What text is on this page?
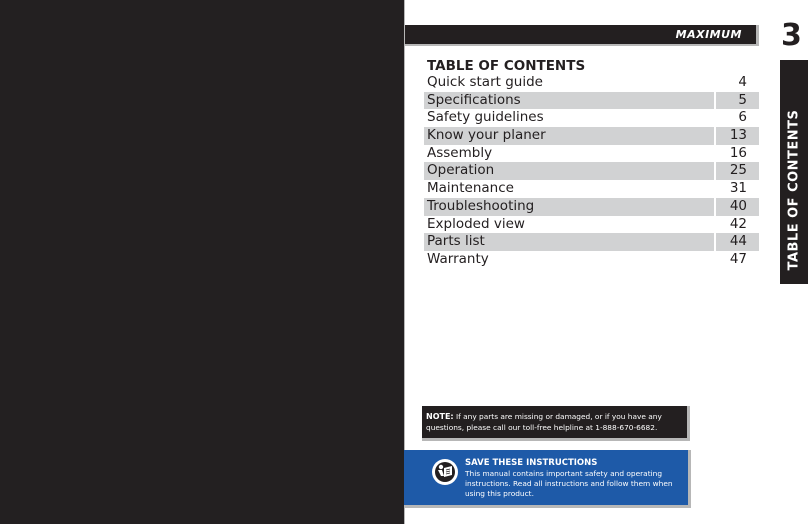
MAXIMUM 3
TABLE OF CONTENTS
TABLE OF CONTENTS
Quick start guide	4
Specifications	5
Safety guidelines	6
Know your planer	13
Assembly	16
Operation	25
Maintenance	31
Troubleshooting	40
Exploded view	42
Parts list	44
Warranty	47
NOTE: If any parts are missing or damaged, or if you have any questions, please call our toll-free helpline at 1-888-670-6682.
SAVE THESE INSTRUCTIONS
This manual contains important safety and operating instructions. Read all instructions and follow them when using this product.
